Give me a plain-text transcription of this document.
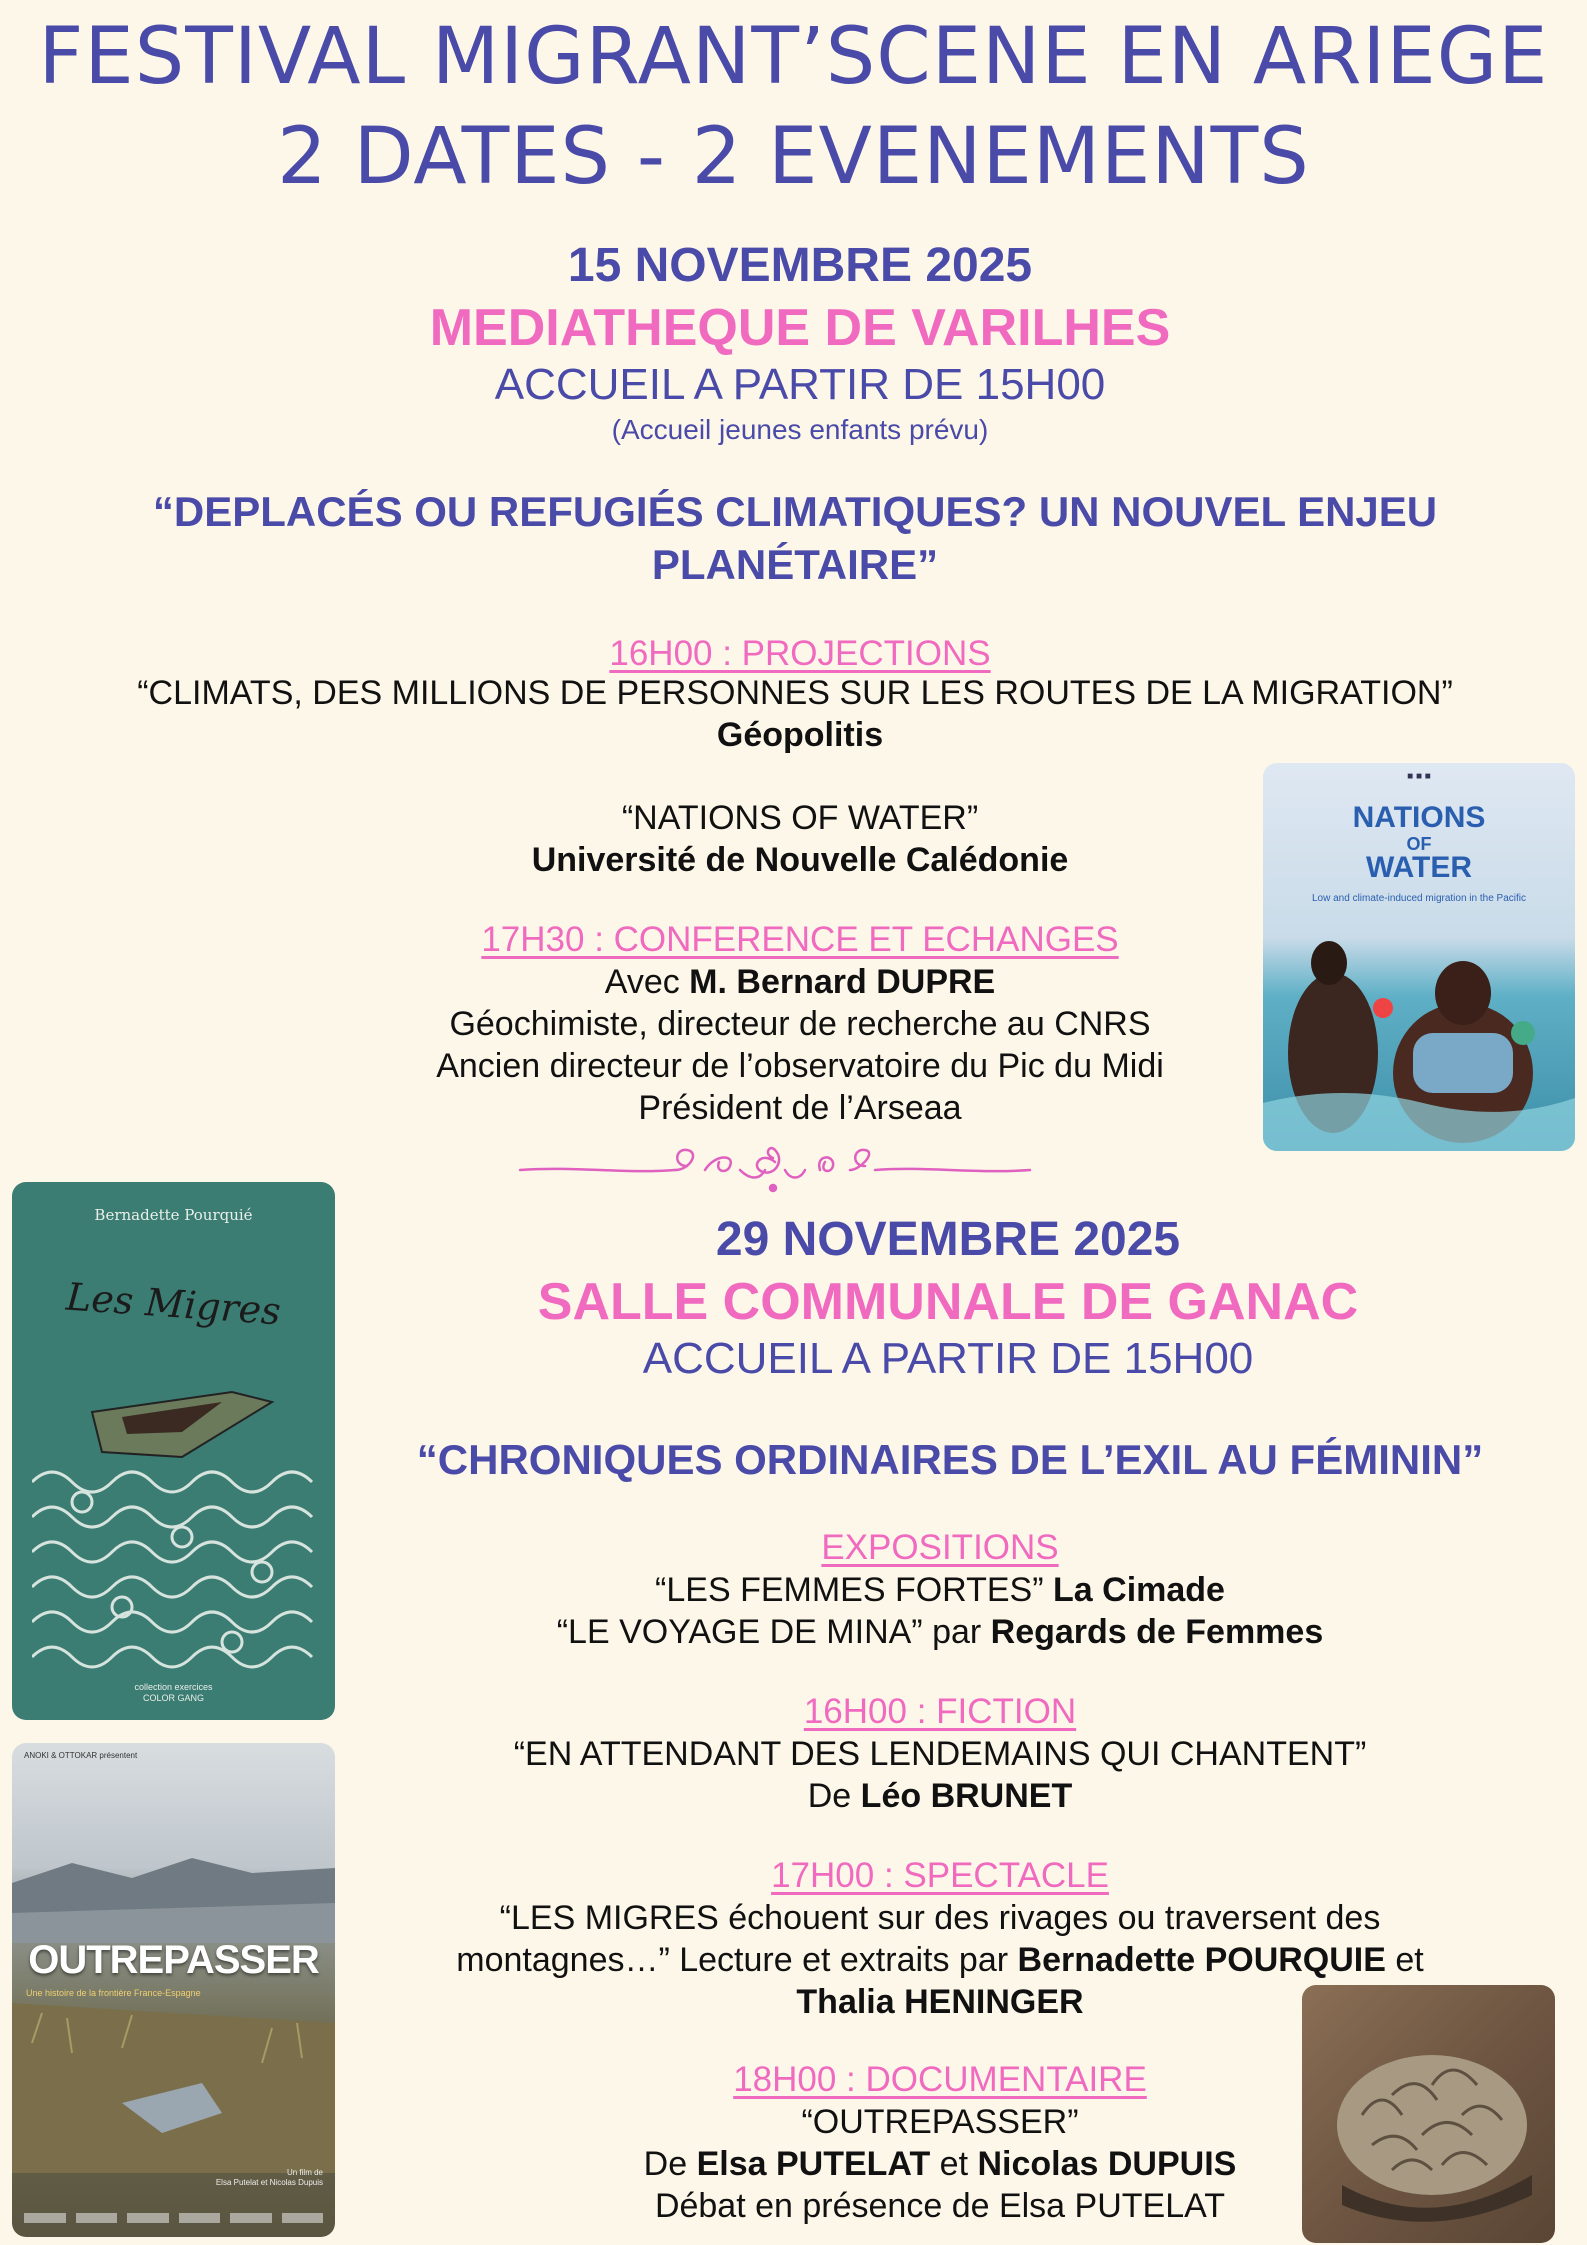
FESTIVAL MIGRANT’SCENE EN ARIEGE
2 DATES - 2 EVENEMENTS
15 NOVEMBRE 2025
MEDIATHEQUE DE VARILHES
ACCUEIL A PARTIR DE 15H00
(Accueil jeunes enfants prévu)
“DEPLACÉS OU REFUGIÉS CLIMATIQUES? UN NOUVEL ENJEU
PLANÉTAIRE”
16H00 : PROJECTIONS
“CLIMATS, DES MILLIONS DE PERSONNES SUR LES ROUTES DE LA MIGRATION”
Géopolitis
“NATIONS OF WATER”
Université de Nouvelle Calédonie
17H30 : CONFERENCE ET ECHANGES
Avec M. Bernard DUPRE
Géochimiste, directeur de recherche au CNRS
Ancien directeur de l’observatoire du Pic du Midi
Président de l’Arseaa
29 NOVEMBRE 2025
SALLE COMMUNALE DE GANAC
ACCUEIL A PARTIR DE 15H00
“CHRONIQUES ORDINAIRES DE L’EXIL AU FÉMININ”
EXPOSITIONS
“LES FEMMES FORTES” La Cimade
“LE VOYAGE DE MINA” par Regards de Femmes
16H00 : FICTION
“EN ATTENDANT DES LENDEMAINS QUI CHANTENT”
De Léo BRUNET
17H00 : SPECTACLE
“LES MIGRES échouent sur des rivages ou traversent des
montagnes…” Lecture et extraits par Bernadette POURQUIE et
Thalia HENINGER
18H00 : DOCUMENTAIRE
“OUTREPASSER”
De Elsa PUTELAT et Nicolas DUPUIS
Débat en présence de Elsa PUTELAT
■ ■ ■
NATIONS
OF
WATER
Low and climate-induced migration in the Pacific
Bernadette Pourquié
Les Migres
collection exercices
COLOR GANG
ANOKI & OTTOKAR présentent
OUTREPASSER
Une histoire de la frontière France-Espagne
Un film de
Elsa Putelat et Nicolas Dupuis
